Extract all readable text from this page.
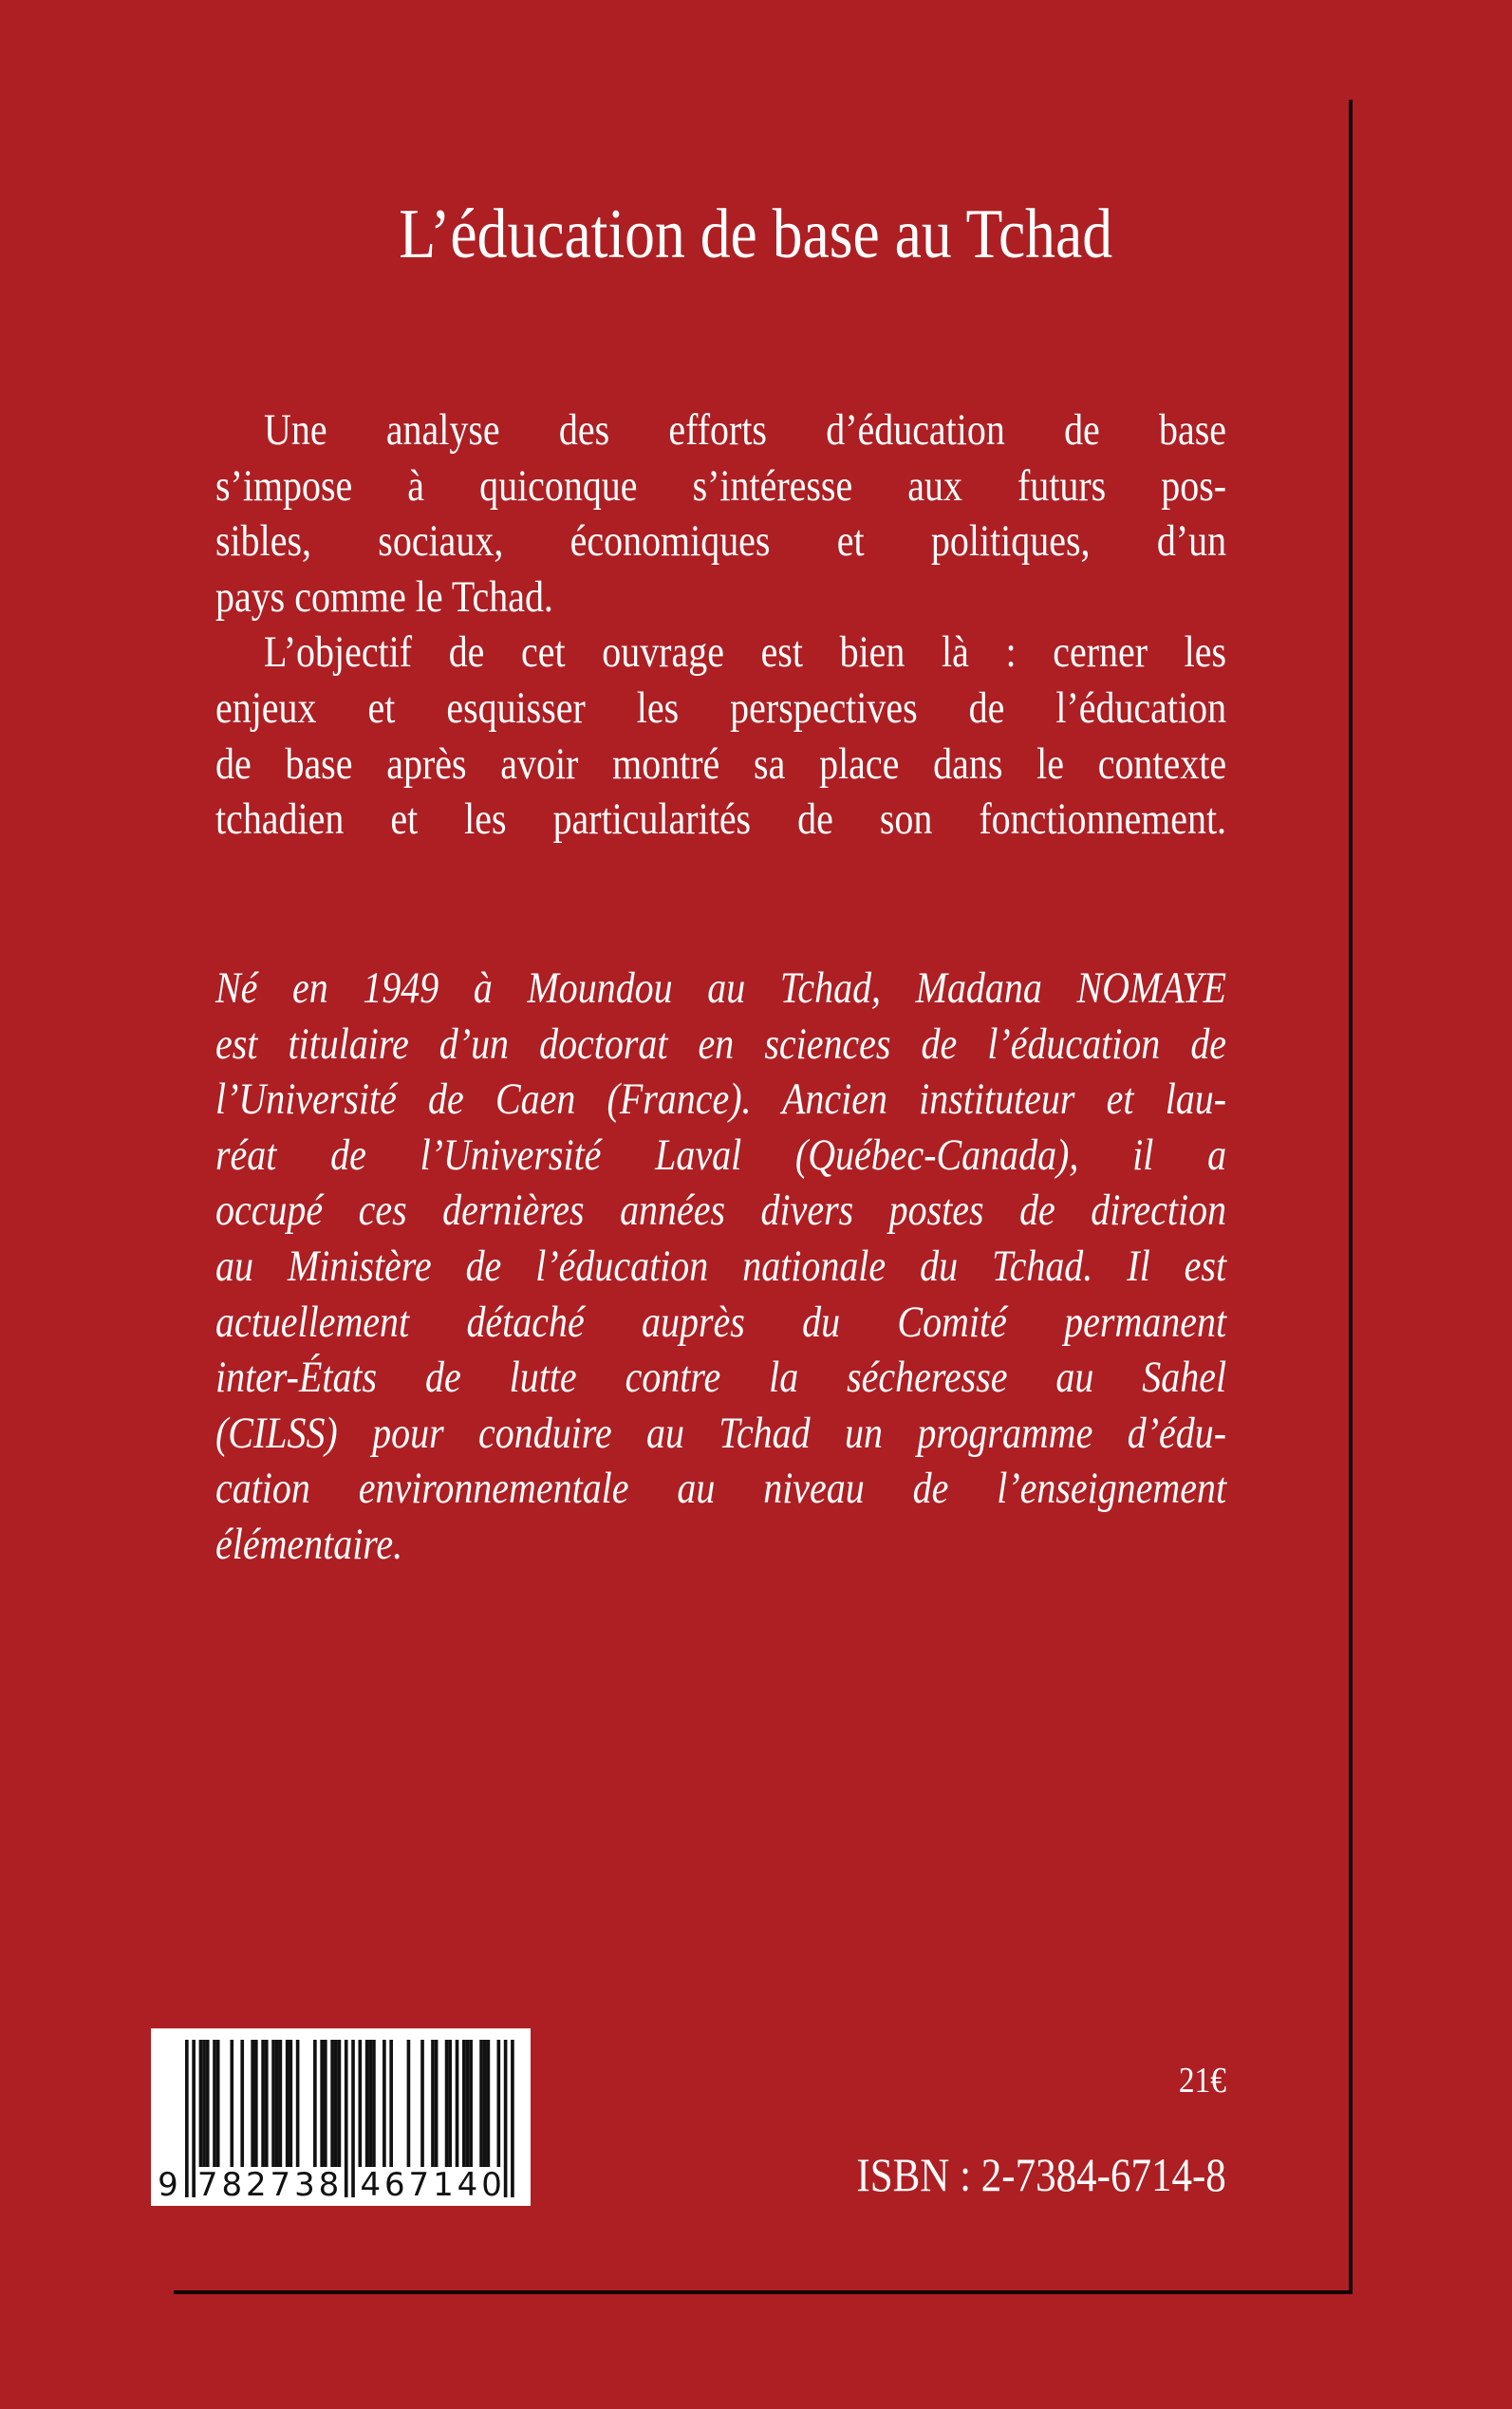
L’éducation de base au Tchad
Une analyse des efforts d’éducation de base
s’impose à quiconque s’intéresse aux futurs pos-
sibles, sociaux, économiques et politiques, d’un
pays comme le Tchad.
L’objectif de cet ouvrage est bien là : cerner les
enjeux et esquisser les perspectives de l’éducation
de base après avoir montré sa place dans le contexte
tchadien et les particularités de son fonctionnement.
Né en 1949 à Moundou au Tchad, Madana NOMAYE
est titulaire d’un doctorat en sciences de l’éducation de
l’Université de Caen (France). Ancien instituteur et lau-
réat de l’Université Laval (Québec-Canada), il a
occupé ces dernières années divers postes de direction
au Ministère de l’éducation nationale du Tchad. Il est
actuellement détaché auprès du Comité permanent
inter-États de lutte contre la sécheresse au Sahel
(CILSS) pour conduire au Tchad un programme d’édu-
cation environnementale au niveau de l’enseignement
élémentaire.
9 7 8 2 7 3 8 4 6 7 1 4 0
21€
ISBN : 2-7384-6714-8
